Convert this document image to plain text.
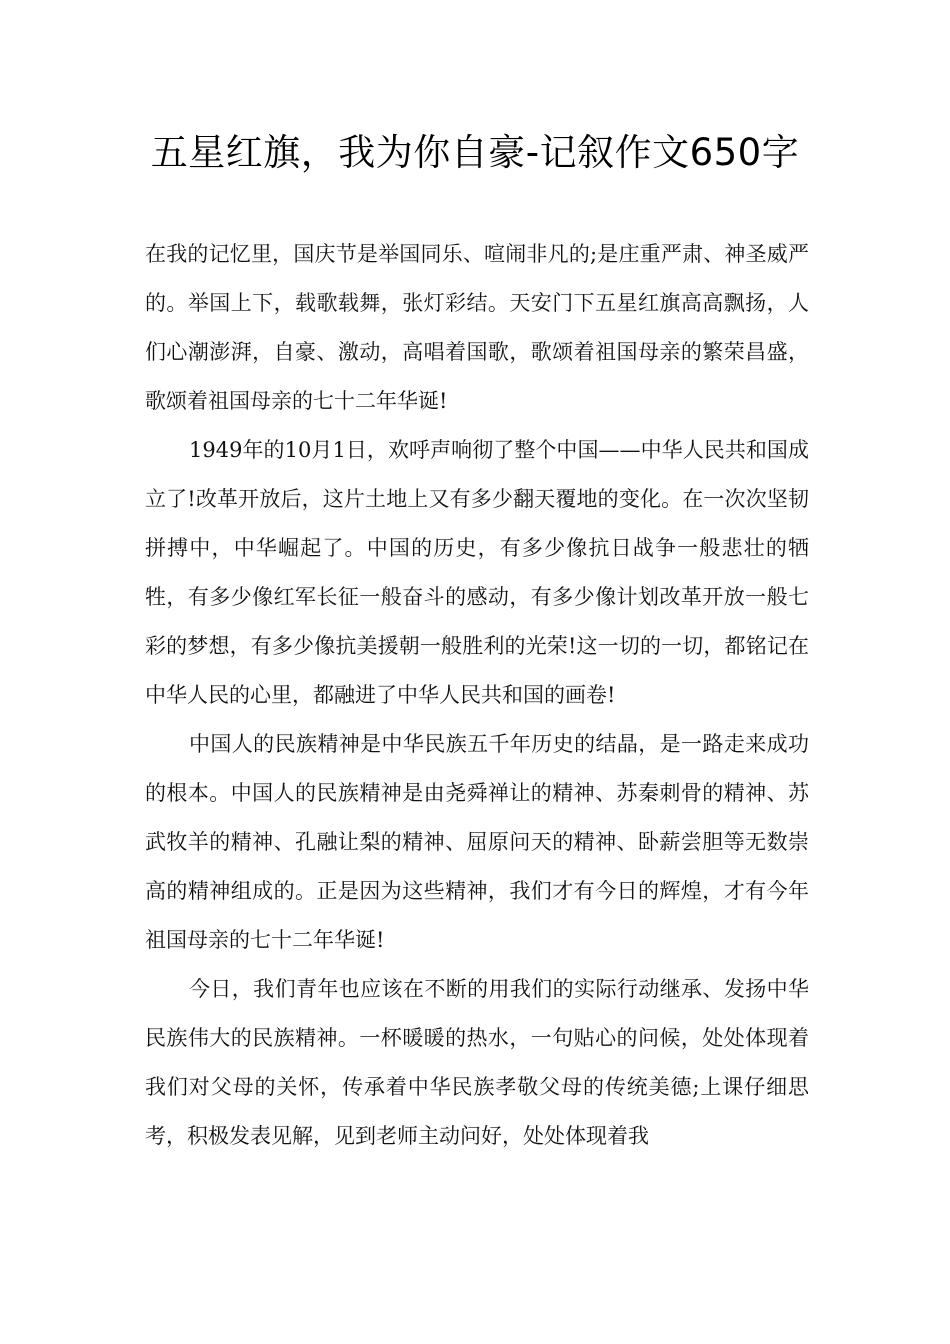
五星红旗，我为你自豪-记叙作文650字

在我的记忆里，国庆节是举国同乐、喧闹非凡的;是庄重严肃、神圣威严的。举国上下，载歌载舞，张灯彩结。天安门下五星红旗高高飘扬，人们心潮澎湃，自豪、激动，高唱着国歌，歌颂着祖国母亲的繁荣昌盛，歌颂着祖国母亲的七十二年华诞!

1949年的10月1日，欢呼声响彻了整个中国——中华人民共和国成立了!改革开放后，这片土地上又有多少翻天覆地的变化。在一次次坚韧拼搏中，中华崛起了。中国的历史，有多少像抗日战争一般悲壮的牺牲，有多少像红军长征一般奋斗的感动，有多少像计划改革开放一般七彩的梦想，有多少像抗美援朝一般胜利的光荣!这一切的一切，都铭记在中华人民的心里，都融进了中华人民共和国的画卷!

中国人的民族精神是中华民族五千年历史的结晶，是一路走来成功的根本。中国人的民族精神是由尧舜禅让的精神、苏秦刺骨的精神、苏武牧羊的精神、孔融让梨的精神、屈原问天的精神、卧薪尝胆等无数崇高的精神组成的。正是因为这些精神，我们才有今日的辉煌，才有今年祖国母亲的七十二年华诞!

今日，我们青年也应该在不断的用我们的实际行动继承、发扬中华民族伟大的民族精神。一杯暖暖的热水，一句贴心的问候，处处体现着我们对父母的关怀，传承着中华民族孝敬父母的传统美德;上课仔细思考，积极发表见解，见到老师主动问好，处处体现着我
